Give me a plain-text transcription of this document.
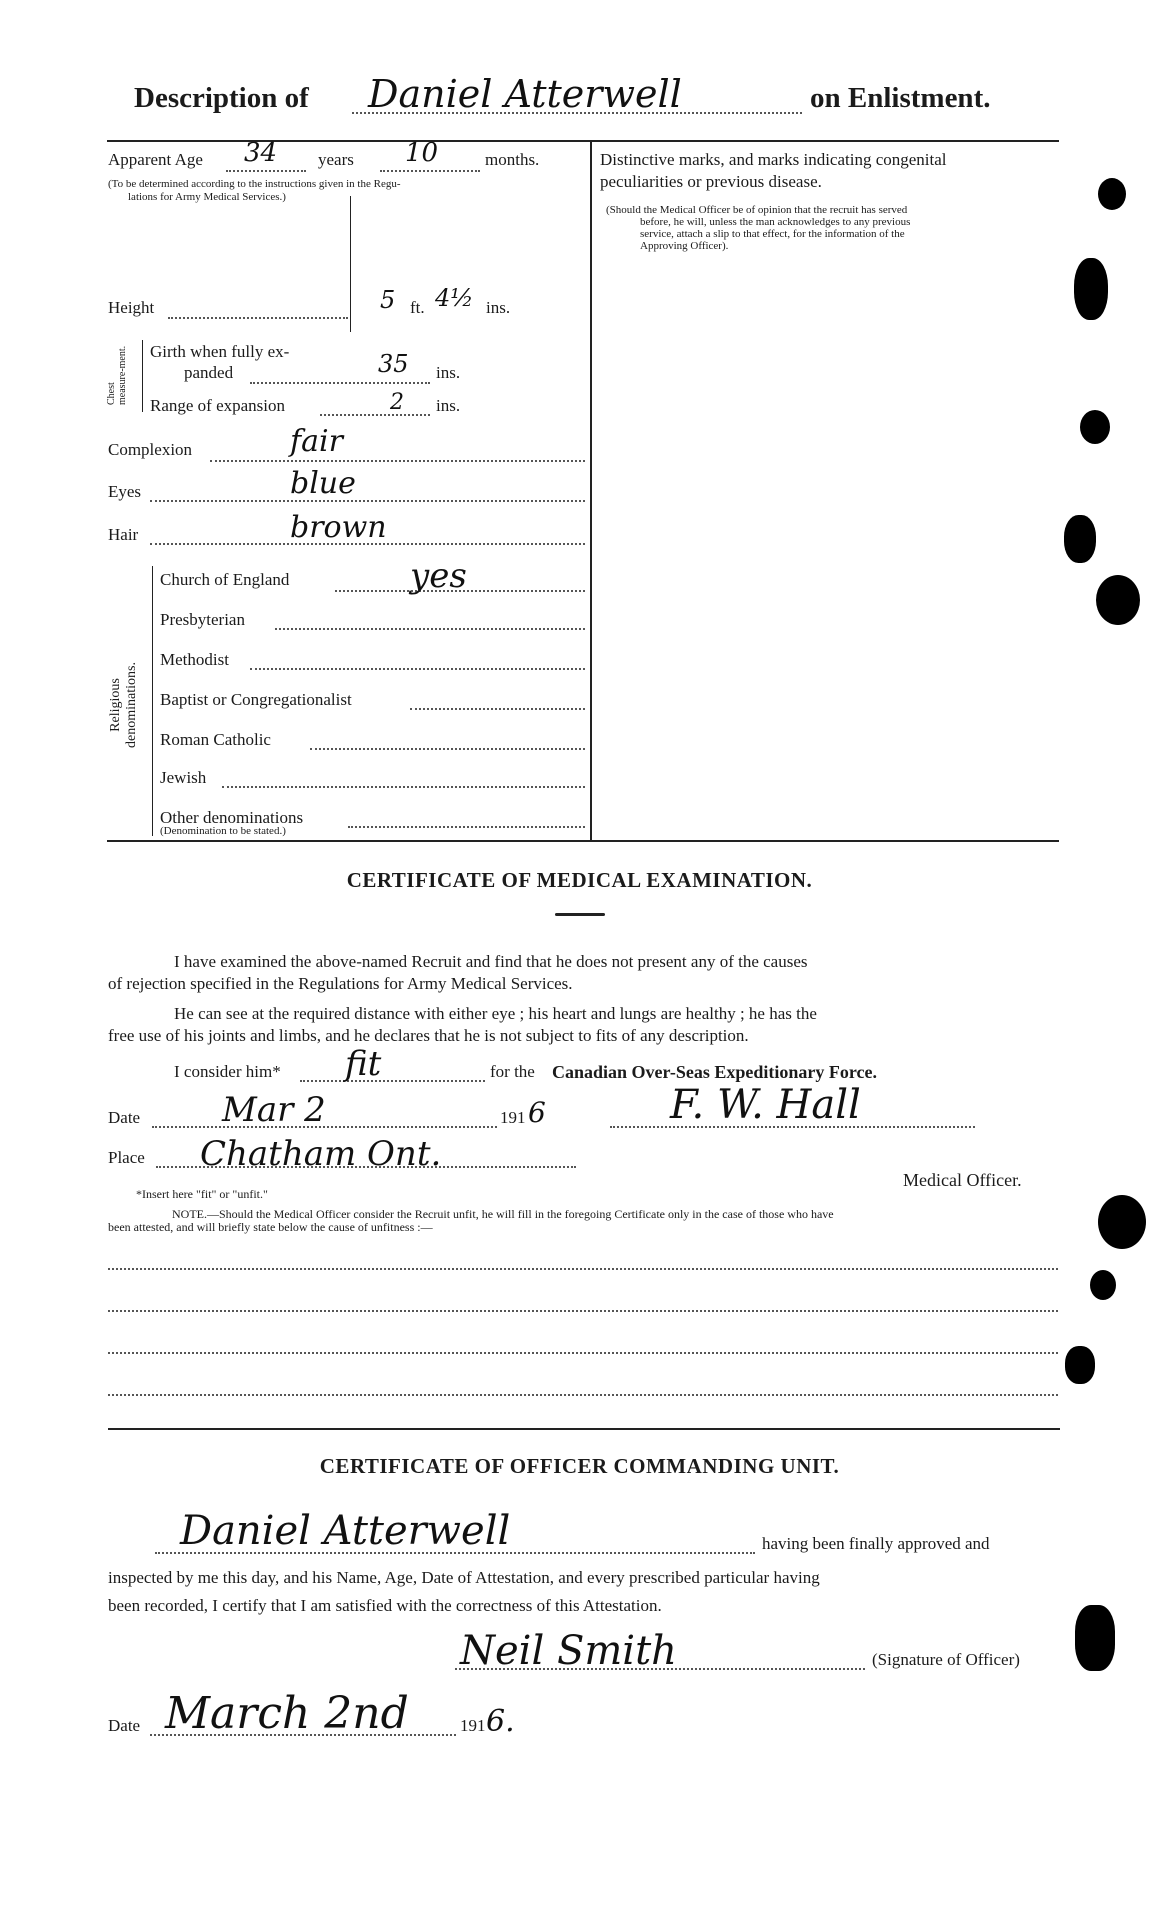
Description of Daniel Atterwell	on Enlistment.
Apparent Age 34 years 10	months.
(To be determined according to the instructions given in the Regu-
lations for Army Medical Services.)
Height	5 ft. 4½ ins.
Chest measure-ment. Girth when fully ex-
panded	35 ins.
Range of expansion	2 ins.
Complexion	fair
Eyes	blue
Hair	brown
Religious denominations.
Church of England	yes
Presbyterian
Methodist
Baptist or Congregationalist
Roman Catholic
Jewish
Other denominations
(Denomination to be stated.)
Distinctive marks, and marks indicating congenital
peculiarities or previous disease.
(Should the Medical Officer be of opinion that the recruit has served
before, he will, unless the man acknowledges to any previous
service, attach a slip to that effect, for the information of the
Approving Officer).
CERTIFICATE OF MEDICAL EXAMINATION.
I have examined the above-named Recruit and find that he does not present any of the causes
of rejection specified in the Regulations for Army Medical Services.
He can see at the required distance with either eye ; his heart and lungs are healthy ; he has the
free use of his joints and limbs, and he declares that he is not subject to fits of any description.
I consider him* fit	for the Canadian Over-Seas Expeditionary Force.
Date Mar 2	191 6	F. W. Hall
Place Chatham Ont.
Medical Officer.
*Insert here "fit" or "unfit."
NOTE.—Should the Medical Officer consider the Recruit unfit, he will fill in the foregoing Certificate only in the case of those who have
been attested, and will briefly state below the cause of unfitness :—
CERTIFICATE OF OFFICER COMMANDING UNIT.
Daniel Atterwell	having been finally approved and
inspected by me this day, and his Name, Age, Date of Attestation, and every prescribed particular having
been recorded, I certify that I am satisfied with the correctness of this Attestation.
Neil Smith	(Signature of Officer)
Date March 2nd	191 6.
